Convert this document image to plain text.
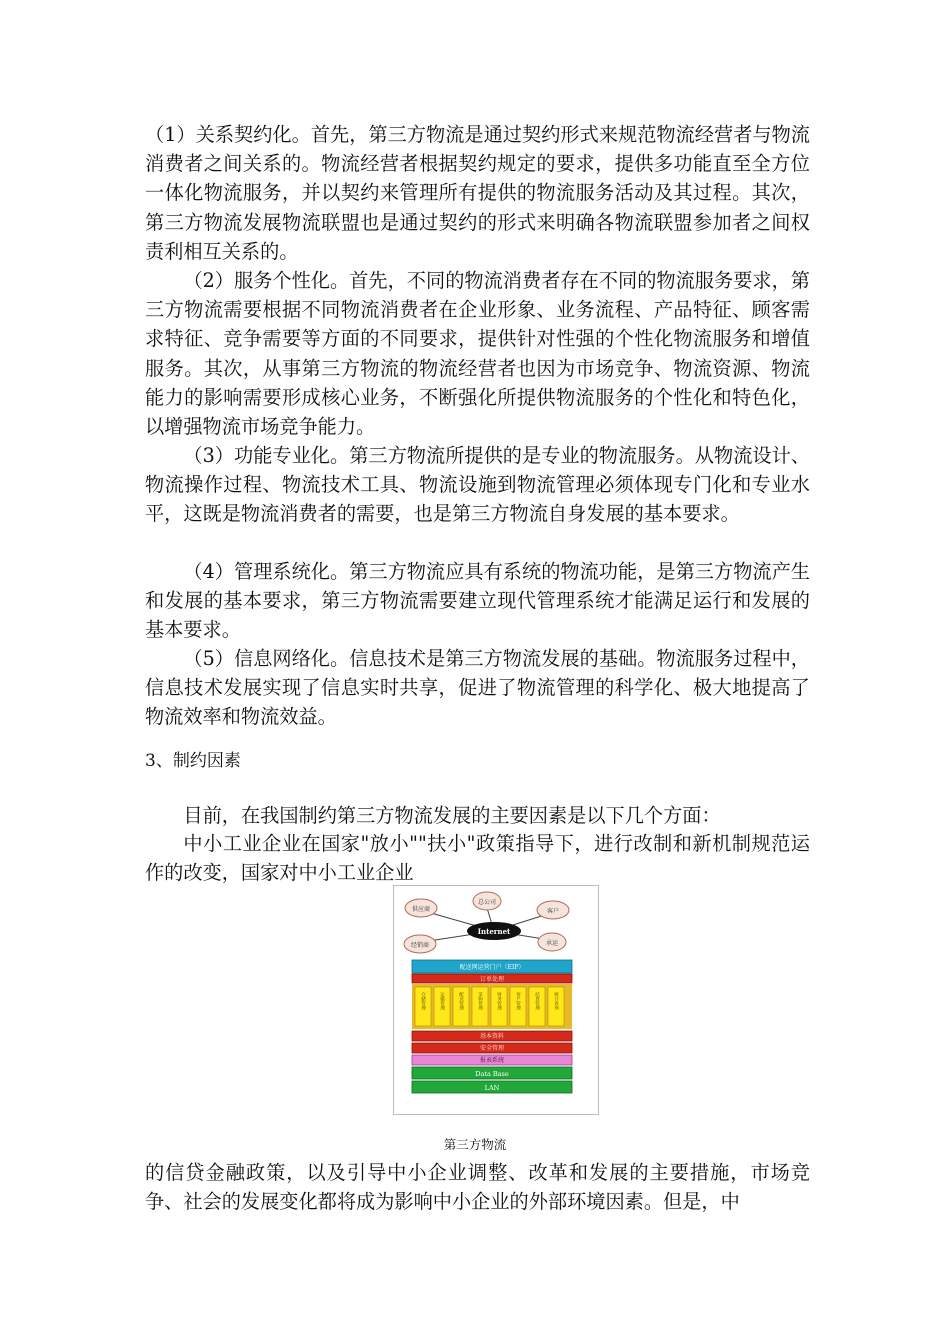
（1）关系契约化。首先，第三方物流是通过契约形式来规范物流经营者与物流消费者之间关系的。物流经营者根据契约规定的要求，提供多功能直至全方位一体化物流服务，并以契约来管理所有提供的物流服务活动及其过程。其次，第三方物流发展物流联盟也是通过契约的形式来明确各物流联盟参加者之间权责利相互关系的。

（2）服务个性化。首先，不同的物流消费者存在不同的物流服务要求，第三方物流需要根据不同物流消费者在企业形象、业务流程、产品特征、顾客需求特征、竞争需要等方面的不同要求，提供针对性强的个性化物流服务和增值服务。其次，从事第三方物流的物流经营者也因为市场竞争、物流资源、物流能力的影响需要形成核心业务，不断强化所提供物流服务的个性化和特色化，以增强物流市场竞争能力。

（3）功能专业化。第三方物流所提供的是专业的物流服务。从物流设计、物流操作过程、物流技术工具、物流设施到物流管理必须体现专门化和专业水平，这既是物流消费者的需要，也是第三方物流自身发展的基本要求。

（4）管理系统化。第三方物流应具有系统的物流功能，是第三方物流产生和发展的基本要求，第三方物流需要建立现代管理系统才能满足运行和发展的基本要求。

（5）信息网络化。信息技术是第三方物流发展的基础。物流服务过程中，信息技术发展实现了信息实时共享，促进了物流管理的科学化、极大地提高了物流效率和物流效益。

3、制约因素

目前，在我国制约第三方物流发展的主要因素是以下几个方面：

中小工业企业在国家"放小""扶小"政策指导下，进行改制和新机制规范运作的改变，国家对中小工业企业

供应商
总公司
客户
经销商	承运
Internet
配送网运营门户（EIP）
订单处理
仓储管理	运输管理	配送管理	采购管理	财务管理	客户管理	结算管理	统计查询
基本资料
安全管理
报表系统
Data Base
LAN

第三方物流

的信贷金融政策，以及引导中小企业调整、改革和发展的主要措施，市场竞争、社会的发展变化都将成为影响中小企业的外部环境因素。但是，中
